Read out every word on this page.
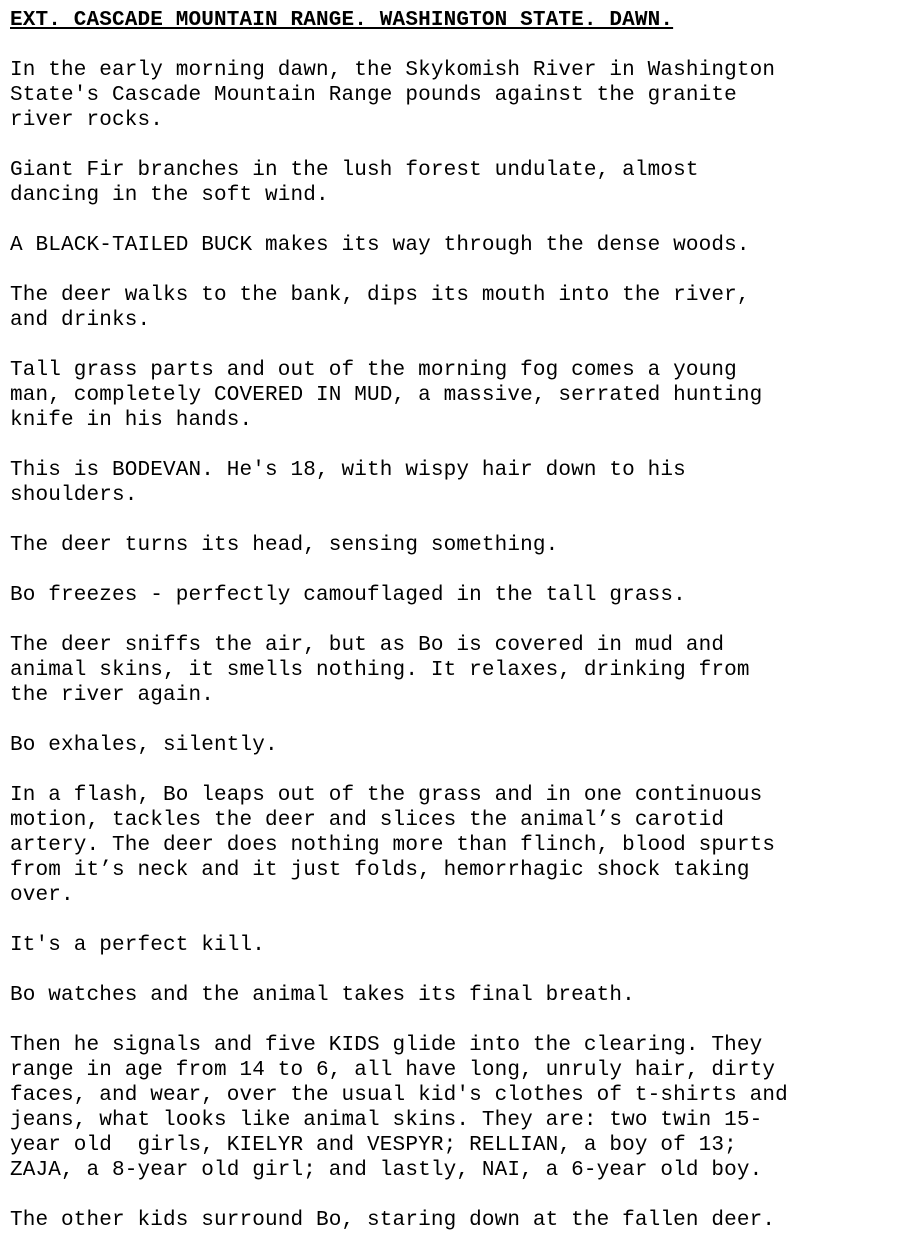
EXT. CASCADE MOUNTAIN RANGE. WASHINGTON STATE. DAWN.
In the early morning dawn, the Skykomish River in Washington
State's Cascade Mountain Range pounds against the granite
river rocks.
Giant Fir branches in the lush forest undulate, almost
dancing in the soft wind.
A BLACK-TAILED BUCK makes its way through the dense woods.
The deer walks to the bank, dips its mouth into the river,
and drinks.
Tall grass parts and out of the morning fog comes a young
man, completely COVERED IN MUD, a massive, serrated hunting
knife in his hands.
This is BODEVAN. He's 18, with wispy hair down to his
shoulders.
The deer turns its head, sensing something.
Bo freezes - perfectly camouflaged in the tall grass.
The deer sniffs the air, but as Bo is covered in mud and
animal skins, it smells nothing. It relaxes, drinking from
the river again.
Bo exhales, silently.
In a flash, Bo leaps out of the grass and in one continuous
motion, tackles the deer and slices the animal’s carotid
artery. The deer does nothing more than flinch, blood spurts
from it’s neck and it just folds, hemorrhagic shock taking
over.
It's a perfect kill.
Bo watches and the animal takes its final breath.
Then he signals and five KIDS glide into the clearing. They
range in age from 14 to 6, all have long, unruly hair, dirty
faces, and wear, over the usual kid's clothes of t-shirts and
jeans, what looks like animal skins. They are: two twin 15-
year old  girls, KIELYR and VESPYR; RELLIAN, a boy of 13;
ZAJA, a 8-year old girl; and lastly, NAI, a 6-year old boy.
The other kids surround Bo, staring down at the fallen deer.
